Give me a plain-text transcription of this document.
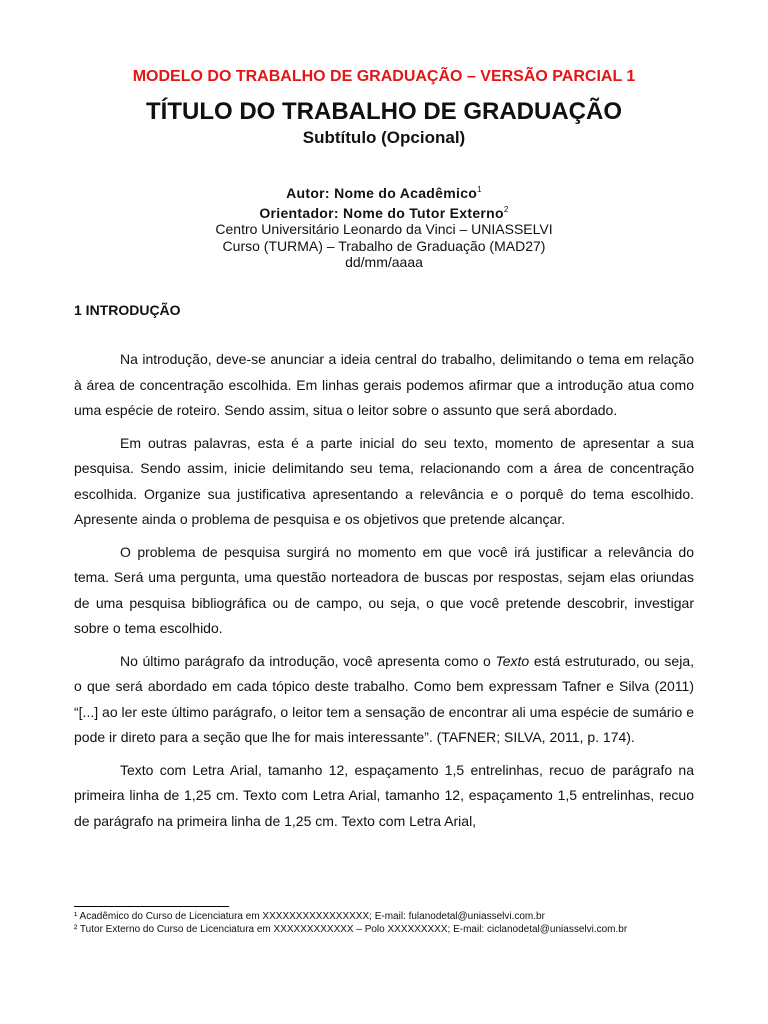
MODELO DO TRABALHO DE GRADUAÇÃO – VERSÃO PARCIAL 1
TÍTULO DO TRABALHO DE GRADUAÇÃO
Subtítulo (Opcional)
Autor: Nome do Acadêmico$^1$
Orientador: Nome do Tutor Externo$^2$
Centro Universitário Leonardo da Vinci – UNIASSELVI
Curso (TURMA) – Trabalho de Graduação (MAD27)
dd/mm/aaaa
1 INTRODUÇÃO

Na introdução, deve-se anunciar a ideia central do trabalho, delimitando o tema em relação à área de concentração escolhida. Em linhas gerais podemos afirmar que a introdução atua como uma espécie de roteiro. Sendo assim, situa o leitor sobre o assunto que será abordado.

Em outras palavras, esta é a parte inicial do seu texto, momento de apresentar a sua pesquisa. Sendo assim, inicie delimitando seu tema, relacionando com a área de concentração escolhida. Organize sua justificativa apresentando a relevância e o porquê do tema escolhido. Apresente ainda o problema de pesquisa e os objetivos que pretende alcançar.

O problema de pesquisa surgirá no momento em que você irá justificar a relevância do tema. Será uma pergunta, uma questão norteadora de buscas por respostas, sejam elas oriundas de uma pesquisa bibliográfica ou de campo, ou seja, o que você pretende descobrir, investigar sobre o tema escolhido.

No último parágrafo da introdução, você apresenta como o Texto está estruturado, ou seja, o que será abordado em cada tópico deste trabalho. Como bem expressam Tafner e Silva (2011) “[...] ao ler este último parágrafo, o leitor tem a sensação de encontrar ali uma espécie de sumário e pode ir direto para a seção que lhe for mais interessante”. (TAFNER; SILVA, 2011, p. 174).

Texto com Letra Arial, tamanho 12, espaçamento 1,5 entrelinhas, recuo de parágrafo na primeira linha de 1,25 cm. Texto com Letra Arial, tamanho 12, espaçamento 1,5 entrelinhas, recuo de parágrafo na primeira linha de 1,25 cm. Texto com Letra Arial,

¹ Acadêmico do Curso de Licenciatura em XXXXXXXXXXXXXXXX; E-mail: fulanodetal@uniasselvi.com.br

² Tutor Externo do Curso de Licenciatura em XXXXXXXXXXXX – Polo XXXXXXXXX; E-mail: ciclanodetal@uniasselvi.com.br
